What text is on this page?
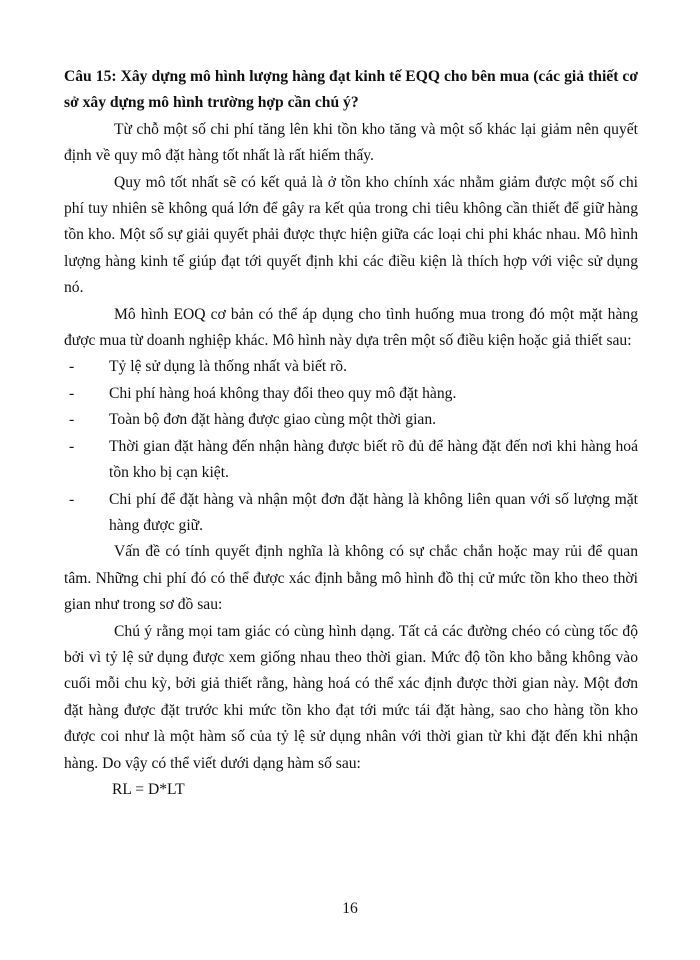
Câu 15: Xây dựng mô hình lượng hàng đạt kinh tế EQQ cho bên mua (các giả thiết cơ sở xây dựng mô hình trường hợp cần chú ý?

Từ chỗ một số chi phí tăng lên khi tồn kho tăng và một số khác lại giảm nên quyết định về quy mô đặt hàng tốt nhất là rất hiếm thấy.

Quy mô tốt nhất sẽ có kết quả là ở tồn kho chính xác nhằm giảm được một số chi phí tuy nhiên sẽ không quá lớn để gây ra kết qủa trong chi tiêu không cần thiết để giữ hàng tồn kho. Một số sự giải quyết phải được thực hiện giữa các loại chi phi khác nhau. Mô hình lượng hàng kinh tế giúp đạt tới quyết định khi các điều kiện là thích hợp với việc sử dụng nó.

Mô hình EOQ cơ bản có thể áp dụng cho tình huống mua trong đó một mặt hàng được mua từ doanh nghiệp khác. Mô hình này dựa trên một số điều kiện hoặc giả thiết sau:

- Tỷ lệ sử dụng là thống nhất và biết rõ.
- Chi phí hàng hoá không thay đổi theo quy mô đặt hàng.
- Toàn bộ đơn đặt hàng được giao cùng một thời gian.
- Thời gian đặt hàng đến nhận hàng được biết rõ đủ để hàng đặt đến nơi khi hàng hoá tồn kho bị cạn kiệt.
- Chi phí để đặt hàng và nhận một đơn đặt hàng là không liên quan với số lượng mặt hàng được giữ.

Vấn đề có tính quyết định nghĩa là không có sự chắc chắn hoặc may rủi để quan tâm. Những chi phí đó có thể được xác định bằng mô hình đồ thị cử mức tồn kho theo thời gian như trong sơ đồ sau:

Chú ý rằng mọi tam giác có cùng hình dạng. Tất cả các đường chéo có cùng tốc độ bởi vì tỷ lệ sử dụng được xem giống nhau theo thời gian. Mức độ tồn kho bằng không vào cuối mỗi chu kỳ, bởi giả thiết rằng, hàng hoá có thể xác định được thời gian này. Một đơn đặt hàng được đặt trước khi mức tồn kho đạt tới mức tái đặt hàng, sao cho hàng tồn kho được coi như là một hàm số của tỷ lệ sử dụng nhân với thời gian từ khi đặt đến khi nhận hàng. Do vậy có thể viết dưới dạng hàm số sau:

RL = D*LT

16
